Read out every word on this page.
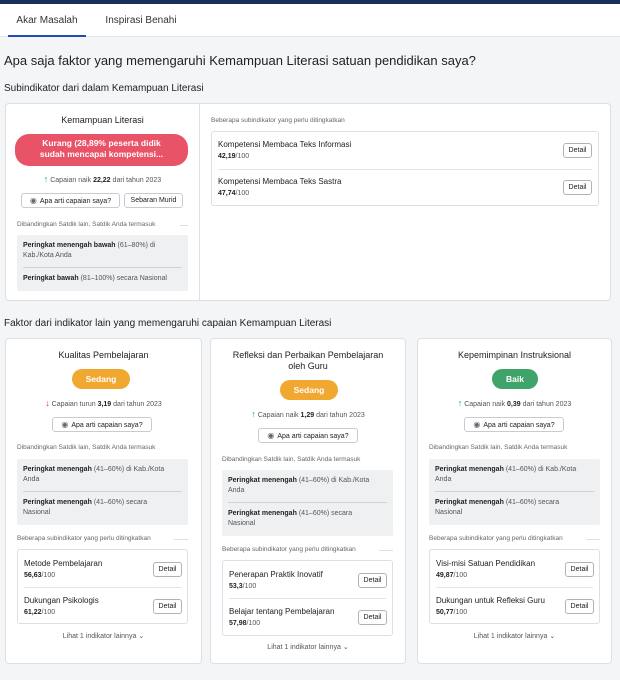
Akar Masalah	Inspirasi Benahi
Apa saja faktor yang memengaruhi Kemampuan Literasi satuan pendidikan saya?
Subindikator dari dalam Kemampuan Literasi
Kemampuan Literasi
Kurang (28,89% peserta didik
sudah mencapai kompetensi...
↑ Capaian naik 22,22 dari tahun 2023
◉ Apa arti capaian saya?	Sebaran Murid
Dibandingkan Satdik lain, Satdik Anda termasuk
Peringkat menengah bawah (61–80%) di
Kab./Kota Anda
Peringkat bawah (81–100%) secara Nasional
Beberapa subindikator yang perlu ditingkatkan
Kompetensi Membaca Teks Informasi
42,19/100
Detail
Kompetensi Membaca Teks Sastra
47,74/100
Detail
Faktor dari indikator lain yang memengaruhi capaian Kemampuan Literasi
Kualitas Pembelajaran
Sedang
↓ Capaian turun 3,19 dari tahun 2023
◉ Apa arti capaian saya?
Dibandingkan Satdik lain, Satdik Anda termasuk
Peringkat menengah (41–60%) di Kab./Kota
Anda
Peringkat menengah (41–60%) secara
Nasional
Beberapa subindikator yang perlu ditingkatkan
Metode Pembelajaran
56,63/100
Detail
Dukungan Psikologis
61,22/100
Detail
Lihat 1 indikator lainnya ⌄
Refleksi dan Perbaikan Pembelajaran
oleh Guru
Sedang
↑ Capaian naik 1,29 dari tahun 2023
◉ Apa arti capaian saya?
Dibandingkan Satdik lain, Satdik Anda termasuk
Peringkat menengah (41–60%) di Kab./Kota
Anda
Peringkat menengah (41–60%) secara
Nasional
Beberapa subindikator yang perlu ditingkatkan
Penerapan Praktik Inovatif
53,3/100
Detail
Belajar tentang Pembelajaran
57,98/100
Detail
Lihat 1 indikator lainnya ⌄
Kepemimpinan Instruksional
Baik
↑ Capaian naik 0,39 dari tahun 2023
◉ Apa arti capaian saya?
Dibandingkan Satdik lain, Satdik Anda termasuk
Peringkat menengah (41–60%) di Kab./Kota
Anda
Peringkat menengah (41–60%) secara
Nasional
Beberapa subindikator yang perlu ditingkatkan
Visi-misi Satuan Pendidikan
49,87/100
Detail
Dukungan untuk Refleksi Guru
50,77/100
Detail
Lihat 1 indikator lainnya ⌄
